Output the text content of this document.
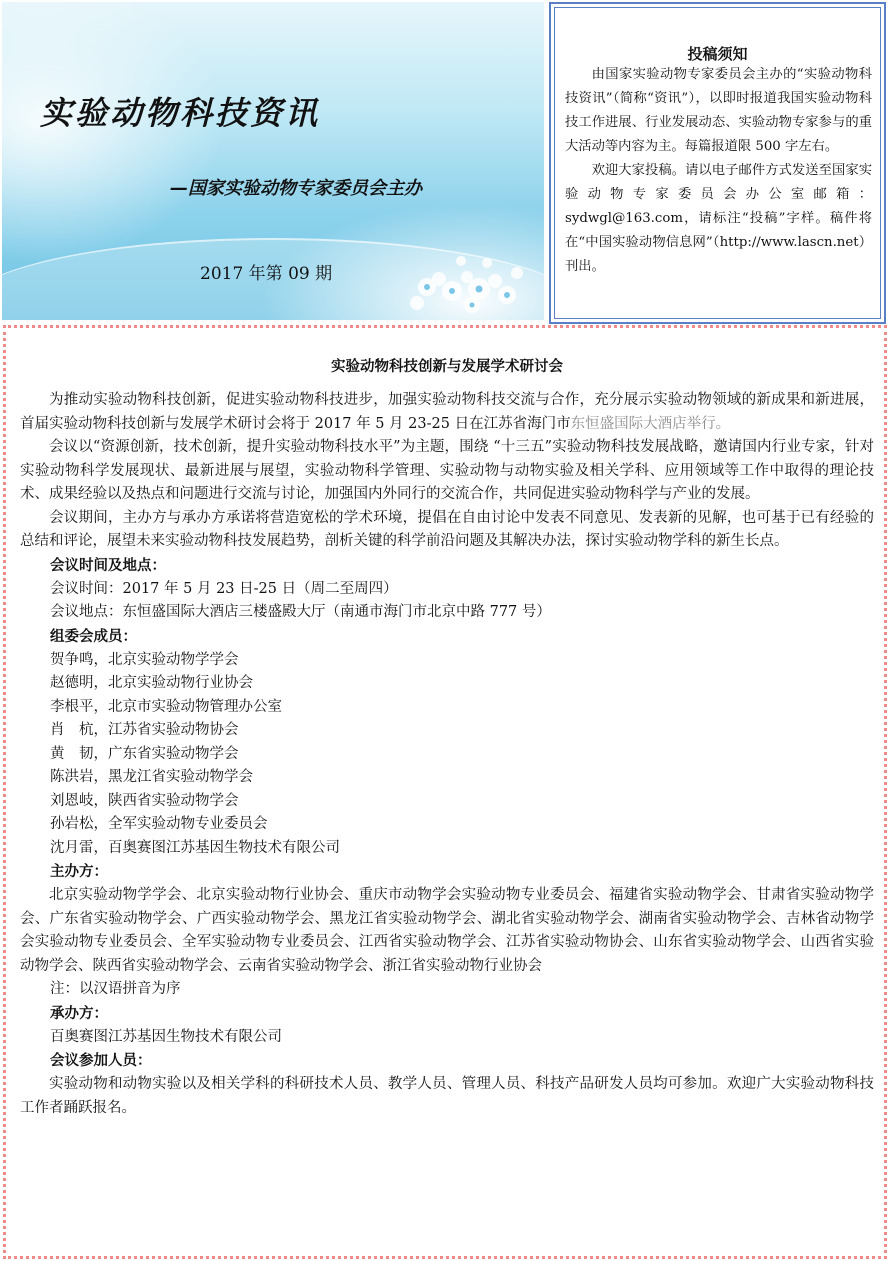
实验动物科技资讯
—国家实验动物专家委员会主办
2017 年第 09 期
投稿须知

由国家实验动物专家委员会主办的“实验动物科技资讯”（简称“资讯”），以即时报道我国实验动物科技工作进展、行业发展动态、实验动物专家参与的重大活动等内容为主。每篇报道限 500 字左右。

欢迎大家投稿。请以电子邮件方式发送至国家实验动物专家委员会办公室邮箱：sydwgl@163.com，请标注“投稿”字样。稿件将在“中国实验动物信息网”（http://www.lascn.net）刊出。

实验动物科技创新与发展学术研讨会

为推动实验动物科技创新，促进实验动物科技进步，加强实验动物科技交流与合作，充分展示实验动物领域的新成果和新进展，首届实验动物科技创新与发展学术研讨会将于 2017 年 5 月 23-25 日在江苏省海门市东恒盛国际大酒店举行。

会议以“资源创新，技术创新，提升实验动物科技水平”为主题，围绕 “十三五”实验动物科技发展战略，邀请国内行业专家，针对实验动物科学发展现状、最新进展与展望，实验动物科学管理、实验动物与动物实验及相关学科、应用领域等工作中取得的理论技术、成果经验以及热点和问题进行交流与讨论，加强国内外同行的交流合作，共同促进实验动物科学与产业的发展。

会议期间，主办方与承办方承诺将营造宽松的学术环境，提倡在自由讨论中发表不同意见、发表新的见解，也可基于已有经验的总结和评论，展望未来实验动物科技发展趋势，剖析关键的科学前沿问题及其解决办法，探讨实验动物学科的新生长点。

会议时间及地点：

会议时间：2017 年 5 月 23 日-25 日（周二至周四）

会议地点：东恒盛国际大酒店三楼盛殿大厅（南通市海门市北京中路 777 号）

组委会成员：

贺争鸣，北京实验动物学学会

赵德明，北京实验动物行业协会

李根平，北京市实验动物管理办公室

肖　杭，江苏省实验动物协会

黄　韧，广东省实验动物学会

陈洪岩，黑龙江省实验动物学会

刘恩岐，陕西省实验动物学会

孙岩松，全军实验动物专业委员会

沈月雷，百奥赛图江苏基因生物技术有限公司

主办方：

北京实验动物学学会、北京实验动物行业协会、重庆市动物学会实验动物专业委员会、福建省实验动物学会、甘肃省实验动物学会、广东省实验动物学会、广西实验动物学会、黑龙江省实验动物学会、湖北省实验动物学会、湖南省实验动物学会、吉林省动物学会实验动物专业委员会、全军实验动物专业委员会、江西省实验动物学会、江苏省实验动物协会、山东省实验动物学会、山西省实验动物学会、陕西省实验动物学会、云南省实验动物学会、浙江省实验动物行业协会

注：以汉语拼音为序

承办方：

百奥赛图江苏基因生物技术有限公司

会议参加人员：

实验动物和动物实验以及相关学科的科研技术人员、教学人员、管理人员、科技产品研发人员均可参加。欢迎广大实验动物科技工作者踊跃报名。
